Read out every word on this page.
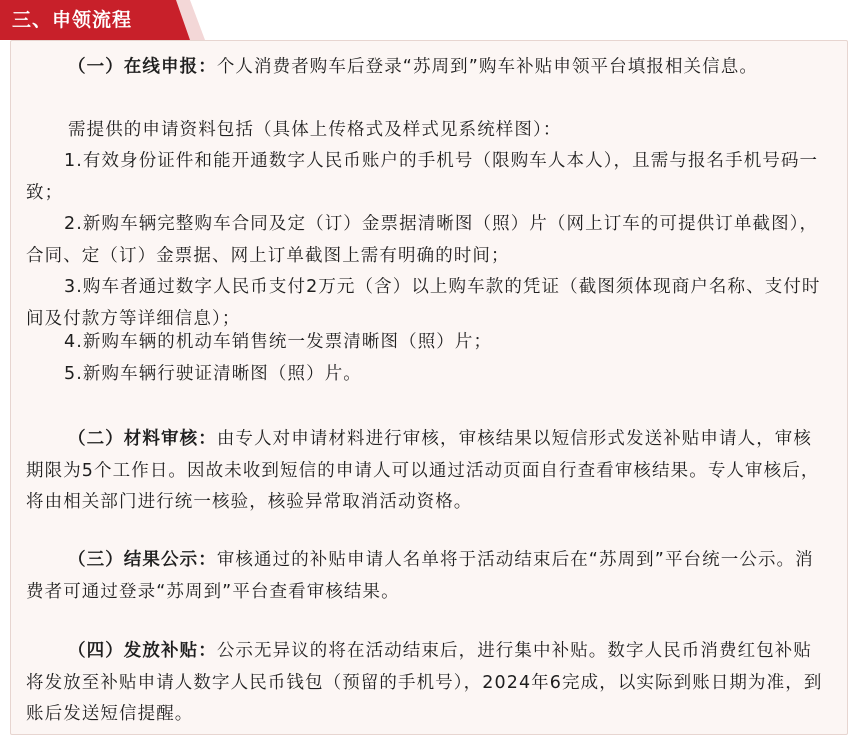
三、申领流程
（一）在线申报：个人消费者购车后登录“苏周到”购车补贴申领平台填报相关信息。
需提供的申请资料包括（具体上传格式及样式见系统样图）：
1.有效身份证件和能开通数字人民币账户的手机号（限购车人本人），且需与报名手机号码一致；
2.新购车辆完整购车合同及定（订）金票据清晰图（照）片（网上订车的可提供订单截图），合同、定（订）金票据、网上订单截图上需有明确的时间；
3.购车者通过数字人民币支付2万元（含）以上购车款的凭证（截图须体现商户名称、支付时间及付款方等详细信息）；
4.新购车辆的机动车销售统一发票清晰图（照）片；
5.新购车辆行驶证清晰图（照）片。
（二）材料审核：由专人对申请材料进行审核，审核结果以短信形式发送补贴申请人，审核期限为5个工作日。因故未收到短信的申请人可以通过活动页面自行查看审核结果。专人审核后，将由相关部门进行统一核验，核验异常取消活动资格。
（三）结果公示：审核通过的补贴申请人名单将于活动结束后在“苏周到”平台统一公示。消费者可通过登录“苏周到”平台查看审核结果。
（四）发放补贴：公示无异议的将在活动结束后，进行集中补贴。数字人民币消费红包补贴将发放至补贴申请人数字人民币钱包（预留的手机号），2024年6完成，以实际到账日期为准，到账后发送短信提醒。
